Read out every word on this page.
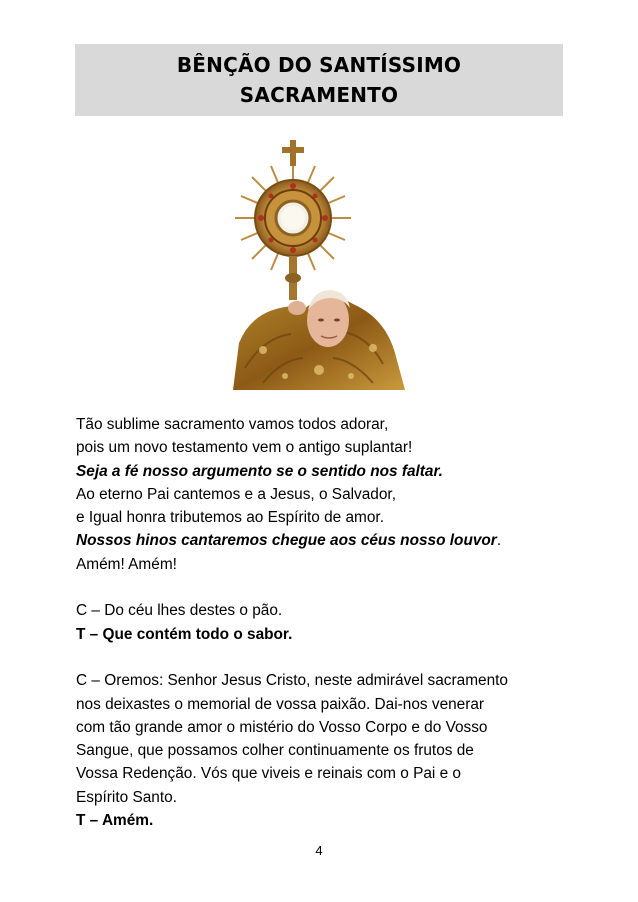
BÊNÇÃO DO SANTÍSSIMO
SACRAMENTO
Tão sublime sacramento vamos todos adorar,
pois um novo testamento vem o antigo suplantar!
Seja a fé nosso argumento se o sentido nos faltar.
Ao eterno Pai cantemos e a Jesus, o Salvador,
e Igual honra tributemos ao Espírito de amor.
Nossos hinos cantaremos chegue aos céus nosso louvor.
Amém! Amém!
C – Do céu lhes destes o pão.
T – Que contém todo o sabor.
C – Oremos: Senhor Jesus Cristo, neste admirável sacramento
nos deixastes o memorial de vossa paixão. Dai-nos venerar
com tão grande amor o mistério do Vosso Corpo e do Vosso
Sangue, que possamos colher continuamente os frutos de
Vossa Redenção. Vós que viveis e reinais com o Pai e o
Espírito Santo.
T – Amém.
4
